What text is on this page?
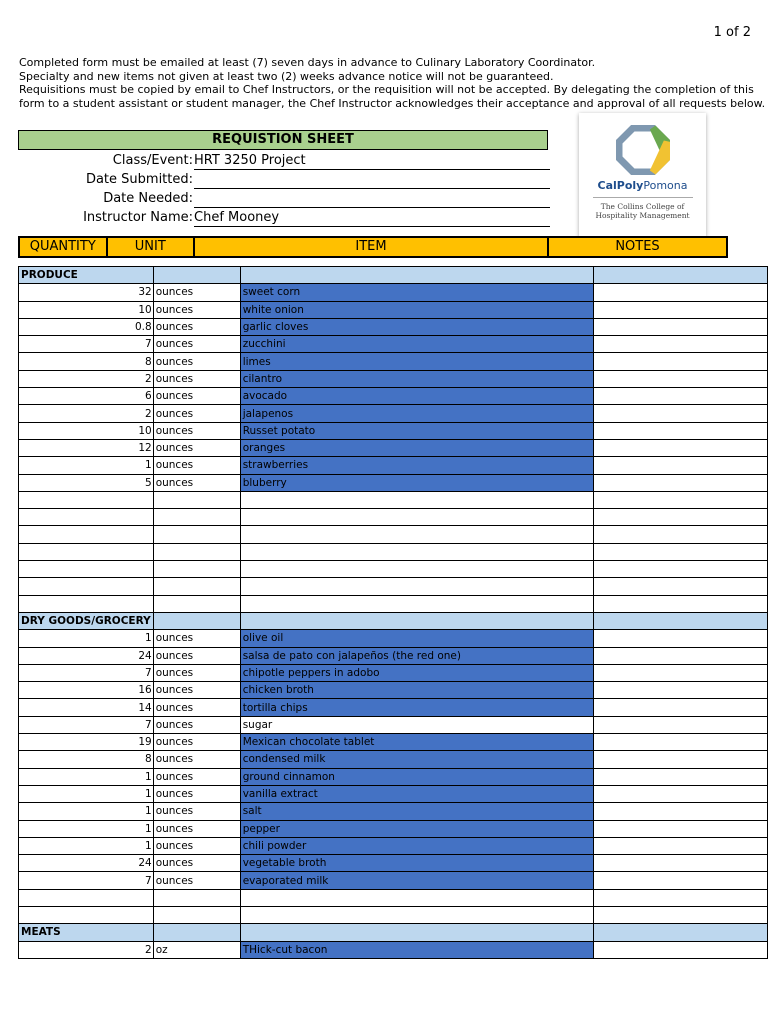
1 of 2
Completed form must be emailed at least (7) seven days in advance to Culinary Laboratory Coordinator.
Specialty and new items not given at least two (2) weeks advance notice will not be guaranteed.
Requisitions must be copied by email to Chef Instructors, or the requisition will not be accepted. By delegating the completion of this
form to a student assistant or student manager, the Chef Instructor acknowledges their acceptance and approval of all requests below.
REQUISTION SHEET
Class/Event: HRT 3250 Project
Date Submitted:
Date Needed:
Instructor Name: Chef Mooney
CalPolyPomona
The Collins College of
Hospitality Management
QUANTITY	UNIT	ITEM	NOTES
PRODUCE			
32	ounces	sweet corn	
10	ounces	white onion	
0.8	ounces	garlic cloves	
7	ounces	zucchini	
8	ounces	limes	
2	ounces	cilantro	
6	ounces	avocado	
2	ounces	jalapenos	
10	ounces	Russet potato	
12	ounces	oranges	
1	ounces	strawberries	
5	ounces	bluberry	

DRY GOODS/GROCERY			
1	ounces	olive oil	
24	ounces	salsa de pato con jalapeños (the red one)	
7	ounces	chipotle peppers in adobo	
16	ounces	chicken broth	
14	ounces	tortilla chips	
7	ounces	sugar	
19	ounces	Mexican chocolate tablet	
8	ounces	condensed milk	
1	ounces	ground cinnamon	
1	ounces	vanilla extract	
1	ounces	salt	
1	ounces	pepper	
1	ounces	chili powder	
24	ounces	vegetable broth	
7	ounces	evaporated milk	

MEATS			
2	oz	THick-cut bacon	
